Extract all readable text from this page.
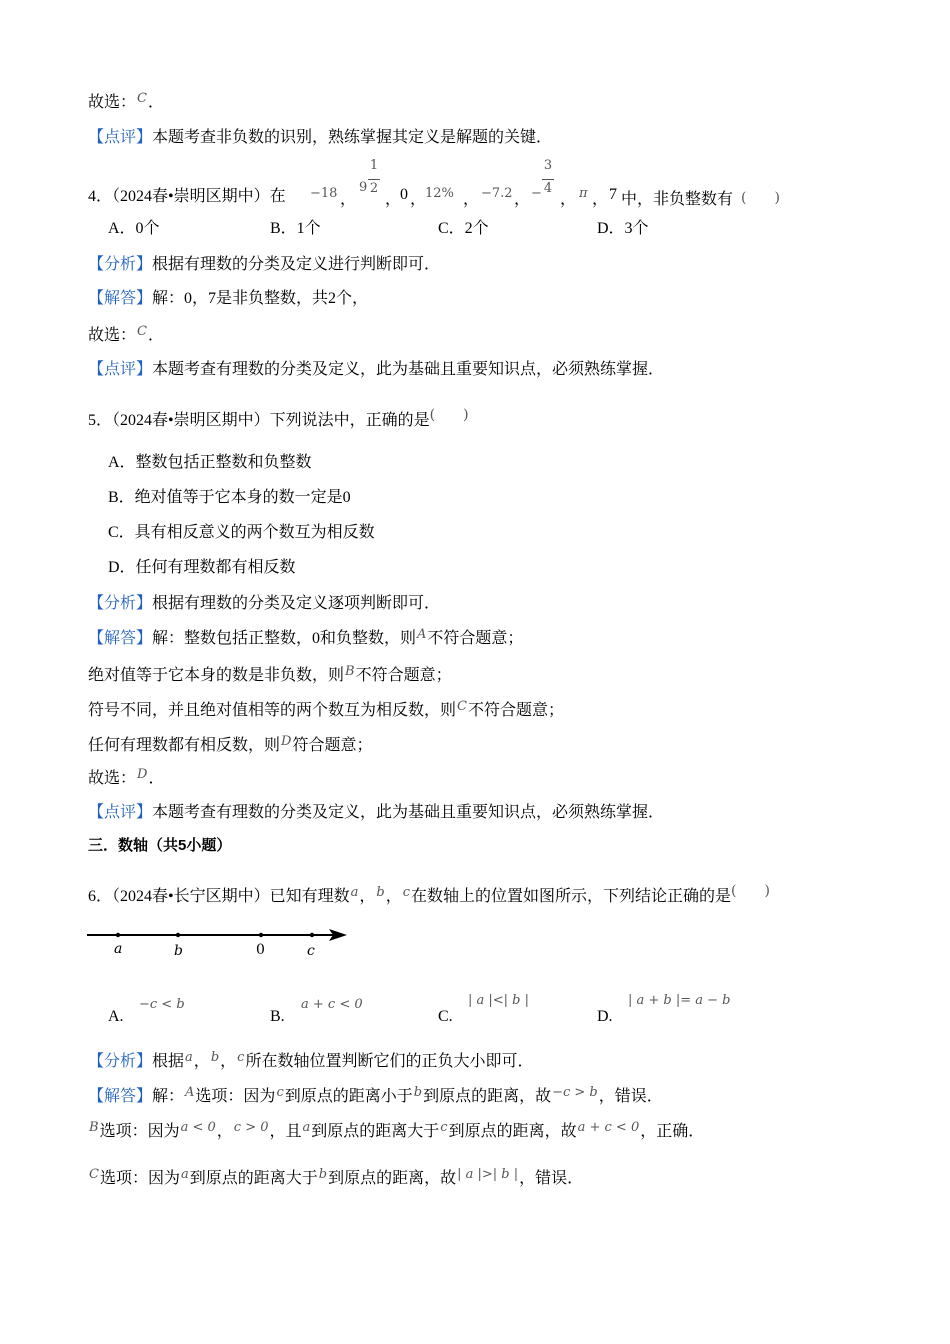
故选：$^C$．
【点评】本题考查非负数的识别，熟练掌握其定义是解题的关键．
4．（2024春•崇明区期中）在 −18 ，
9
1
2
，
0 ，
12% ， −7.2 ， −
3
4
， π ， 7 中，非负整数有 (　　)
A．0个	B．1个	C．2个	D．3个
【分析】根据有理数的分类及定义进行判断即可．
【解答】解：0，7是非负整数，共2个，
故选：$^C$．
【点评】本题考查有理数的分类及定义，此为基础且重要知识点，必须熟练掌握．
5．（2024春•崇明区期中）下列说法中，正确的是(　　)
A．整数包括正整数和负整数
B．绝对值等于它本身的数一定是0
C．具有相反意义的两个数互为相反数
D．任何有理数都有相反数
【分析】根据有理数的分类及定义逐项判断即可．
【解答】解：整数包括正整数，0和负整数，则$^A$不符合题意；
绝对值等于它本身的数是非负数，则$^B$不符合题意；
符号不同，并且绝对值相等的两个数互为相反数，则$^C$不符合题意；
任何有理数都有相反数，则$^D$符合题意；
故选：$^D$．
【点评】本题考查有理数的分类及定义，此为基础且重要知识点，必须熟练掌握．
三．数轴（共5小题）
6．（2024春•长宁区期中）已知有理数$^a$，$^b$，$^c$在数轴上的位置如图所示，下列结论正确的是(　　)
a	b	0	c
A.
−c < b
B.
a + c < 0
C.
| a |<| b |
D.
| a + b |= a − b
【分析】根据$^a$，$^b$，$^c$所在数轴位置判断它们的正负大小即可．
【解答】解：$^A$选项：因为$^c$到原点的距离小于$^b$到原点的距离，故$^{-c > b}$，错误．
$^B$选项：因为$^{a < 0}$，$^{c > 0}$，且$^a$到原点的距离大于$^c$到原点的距离，故$^{a + c < 0}$，正确．
$^C$选项：因为$^a$到原点的距离大于$^b$到原点的距离，故$^{| a |>| b |}$，错误．
